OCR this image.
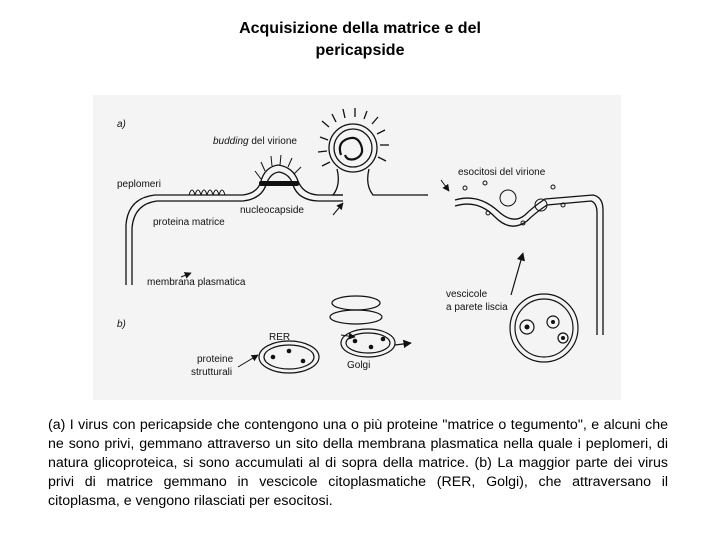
Acquisizione della matrice e del
pericapside
a)
b)
budding del virione
peplomeri
nucleocapside
proteina matrice
membrana plasmatica
esocitosi del virione
vescicole
a parete liscia
RER
Golgi
proteine
strutturali
(a) I virus con pericapside che contengono una o più proteine "matrice o tegumento", e alcuni che ne sono privi, gemmano attraverso un sito della membrana plasmatica nella quale i peplomeri, di natura glicoproteica, si sono accumulati al di sopra della matrice. (b) La maggior parte dei virus privi di matrice gemmano in vescicole citoplasmatiche (RER, Golgi), che attraversano il citoplasma, e vengono rilasciati per esocitosi.
